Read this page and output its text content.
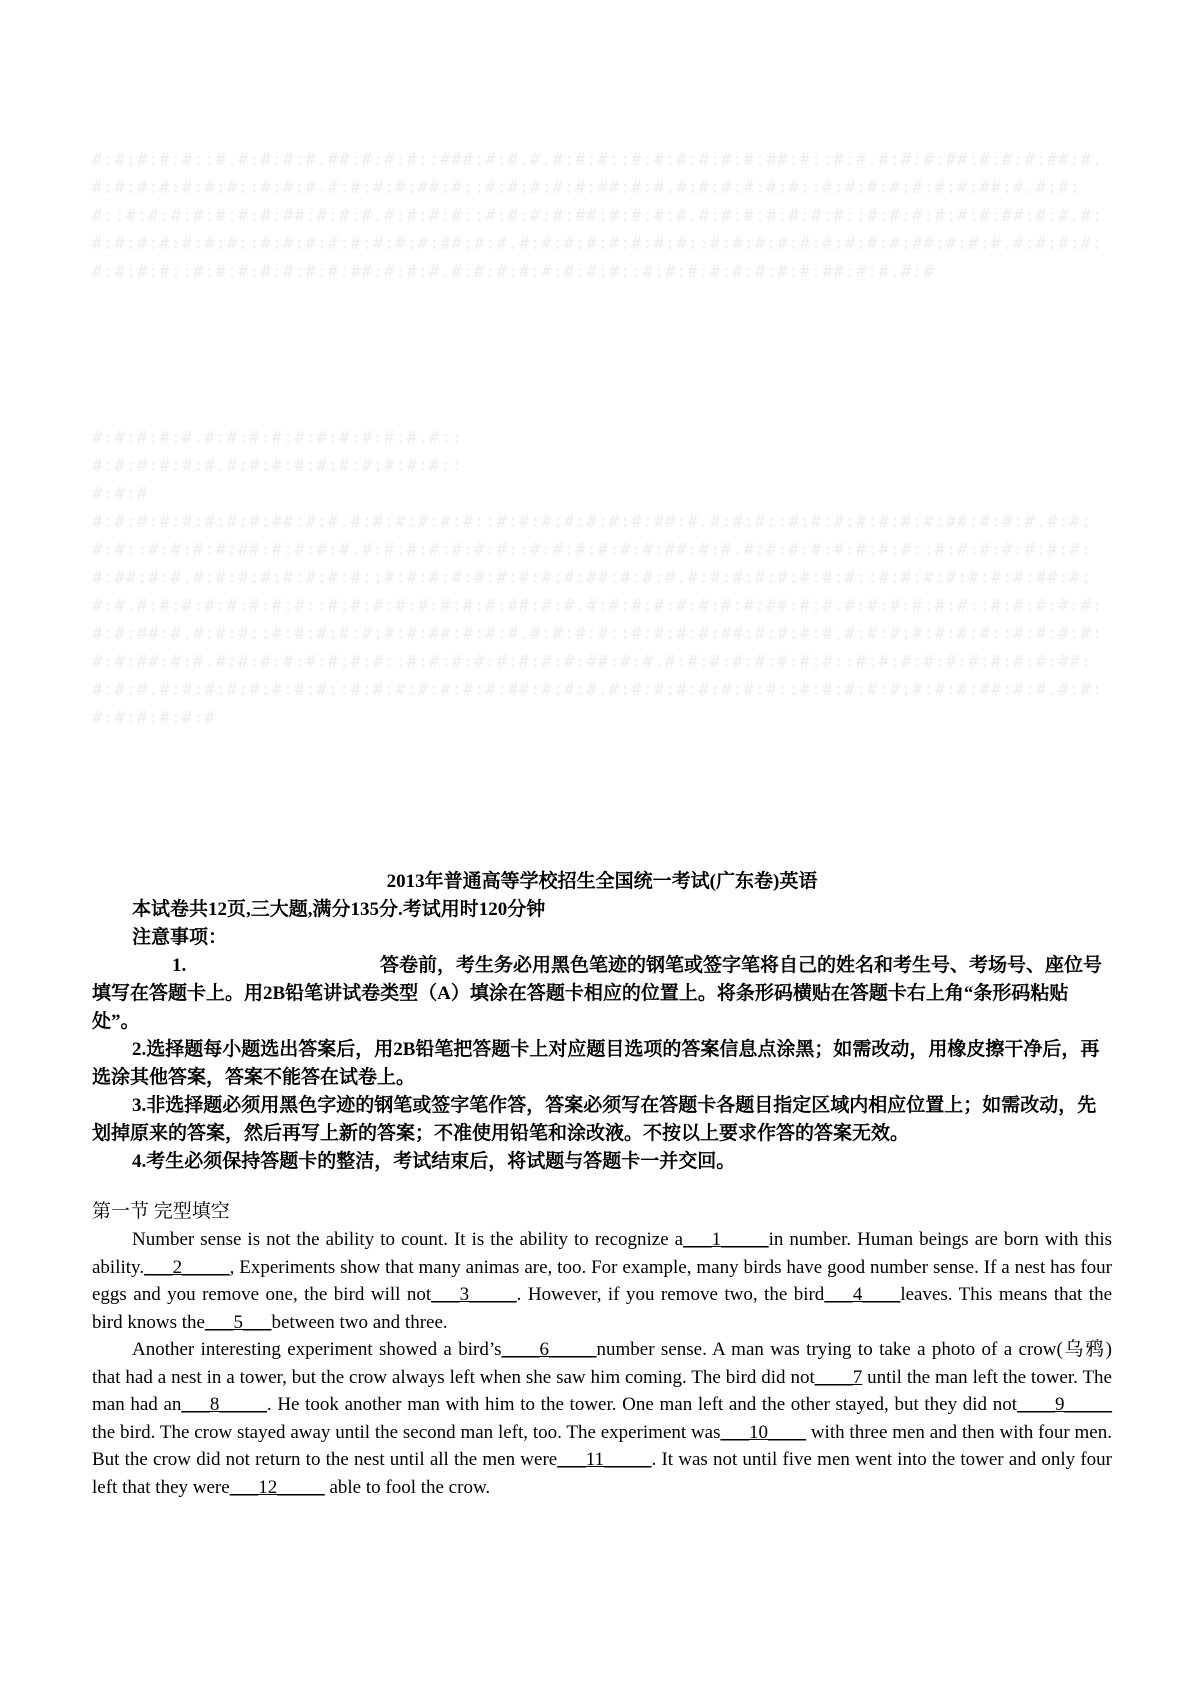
#:#;#:#:#::#.#:#:#:#.##:#:#:#::###:#:#.#.#:#:#::#:#:#:#:#:#:##:#::#:#.#:#:#:##:#:#:#:##:#.#:#:#:#:#:#:#::#:#:#.#:#:#:#:##:#::#:#:#:#:#:##:#:#.#:#:#:#:#:#::#:#:#:#:#:#:#:##:#.#:#:#::#:#:#:#:#:#:#:##:#:#:#.#:#:#:#::#:#:#:#:##:#:#:#:#.#:#:#:#:#:#:#::#:#:#:#:#:#:##:#:#.#:#:#:#:#:#:#:#::#:#:#:#:#:#:#:#:##:#:#.#:#:#:#:#:#:#:#::#:#:#:#:#:#:#:#:#:##:#:#:#.#:#:#:#:#:#:#:#::#:#:#:#:#:#:#:##:#:#:#.#:#:#:#:#:#:#:#::#:#:#:#:#:#:#:#:##:#:#.#:#
#:#:#:#:#.#:#:#:#:#:#:#:#:#:#.#::
#:#:#:#:#:#.#:#:#:#:#:#:#:#:#:#::
#:#:#
#:#:#:#:#:#:#:#:##:#:#.#:#:#:#:#:#::#:#:#:#:#:#:#:##:#.#:#:#::#:#:#:#:#:#:#:##:#:#:#.#:#:#:#::#:#:#:#:##:#:#:#:#.#:#:#:#:#:#:#::#:#:#:#:#:#:##:#:#.#:#:#:#:#:#:#:#::#:#:#:#:#:#:#:#:##:#:#.#:#:#:#:#:#:#:#::#:#:#:#:#:#:#:#:#:##:#:#:#.#:#:#:#:#:#:#:#::#:#:#:#:#:#:#:##:#:#:#.#:#:#:#:#:#:#:#::#:#:#:#:#:#:#:#:##:#:#.#:#:#:#:#:#:#:#:##:#:#.#:#:#:#:#:#::#:#:#:#:#:#:#:##:#.#:#:#::#:#:#:#:#:#:#:##:#:#:#.#:#:#:#::#:#:#:#:##:#:#:#:#.#:#:#:#:#:#:#::#:#:#:#:#:#:##:#:#.#:#:#:#:#:#:#:#::#:#:#:#:#:#:#:#:##:#:#.#:#:#:#:#:#:#:#::#:#:#:#:#:#:#:#:#:##:#:#:#.#:#:#:#:#:#:#:#::#:#:#:#:#:#:#:##:#:#:#.#:#:#:#:#:#:#:#::#:#:#:#:#:#:#:#:##:#:#.#:#:#:#:#:#:#:#

2013年普通高等学校招生全国统一考试(广东卷)英语

本试卷共12页,三大题,满分135分.考试用时120分钟

注意事项：

1.	答卷前，考生务必用黑色笔迹的钢笔或签字笔将自己的姓名和考生号、考场号、座位号填写在答题卡上。用2B铅笔讲试卷类型（A）填涂在答题卡相应的位置上。将条形码横贴在答题卡右上角“条形码粘贴处”。

2.选择题每小题选出答案后，用2B铅笔把答题卡上对应题目选项的答案信息点涂黑；如需改动，用橡皮擦干净后，再选涂其他答案，答案不能答在试卷上。

3.非选择题必须用黑色字迹的钢笔或签字笔作答，答案必须写在答题卡各题目指定区域内相应位置上；如需改动，先划掉原来的答案，然后再写上新的答案；不准使用铅笔和涂改液。不按以上要求作答的答案无效。

4.考生必须保持答题卡的整洁，考试结束后，将试题与答题卡一并交回。

第一节 完型填空

Number sense is not the ability to count. It is the ability to recognize a___1_____in number. Human beings are born with this ability.___2_____, Experiments show that many animas are, too. For example, many birds have good number sense. If a nest has four eggs and you remove one, the bird will not___3_____. However, if you remove two, the bird___4____leaves. This means that the bird knows the___5___between two and three.

Another interesting experiment showed a bird’s____6_____number sense. A man was trying to take a photo of a crow(乌鸦) that had a nest in a tower, but the crow always left when she saw him coming. The bird did not____7 until the man left the tower. The man had an___8_____. He took another man with him to the tower. One man left and the other stayed, but they did not____9_____ the bird. The crow stayed away until the second man left, too. The experiment was___10____ with three men and then with four men. But the crow did not return to the nest until all the men were___11_____. It was not until five men went into the tower and only four left that they were___12_____ able to fool the crow.
